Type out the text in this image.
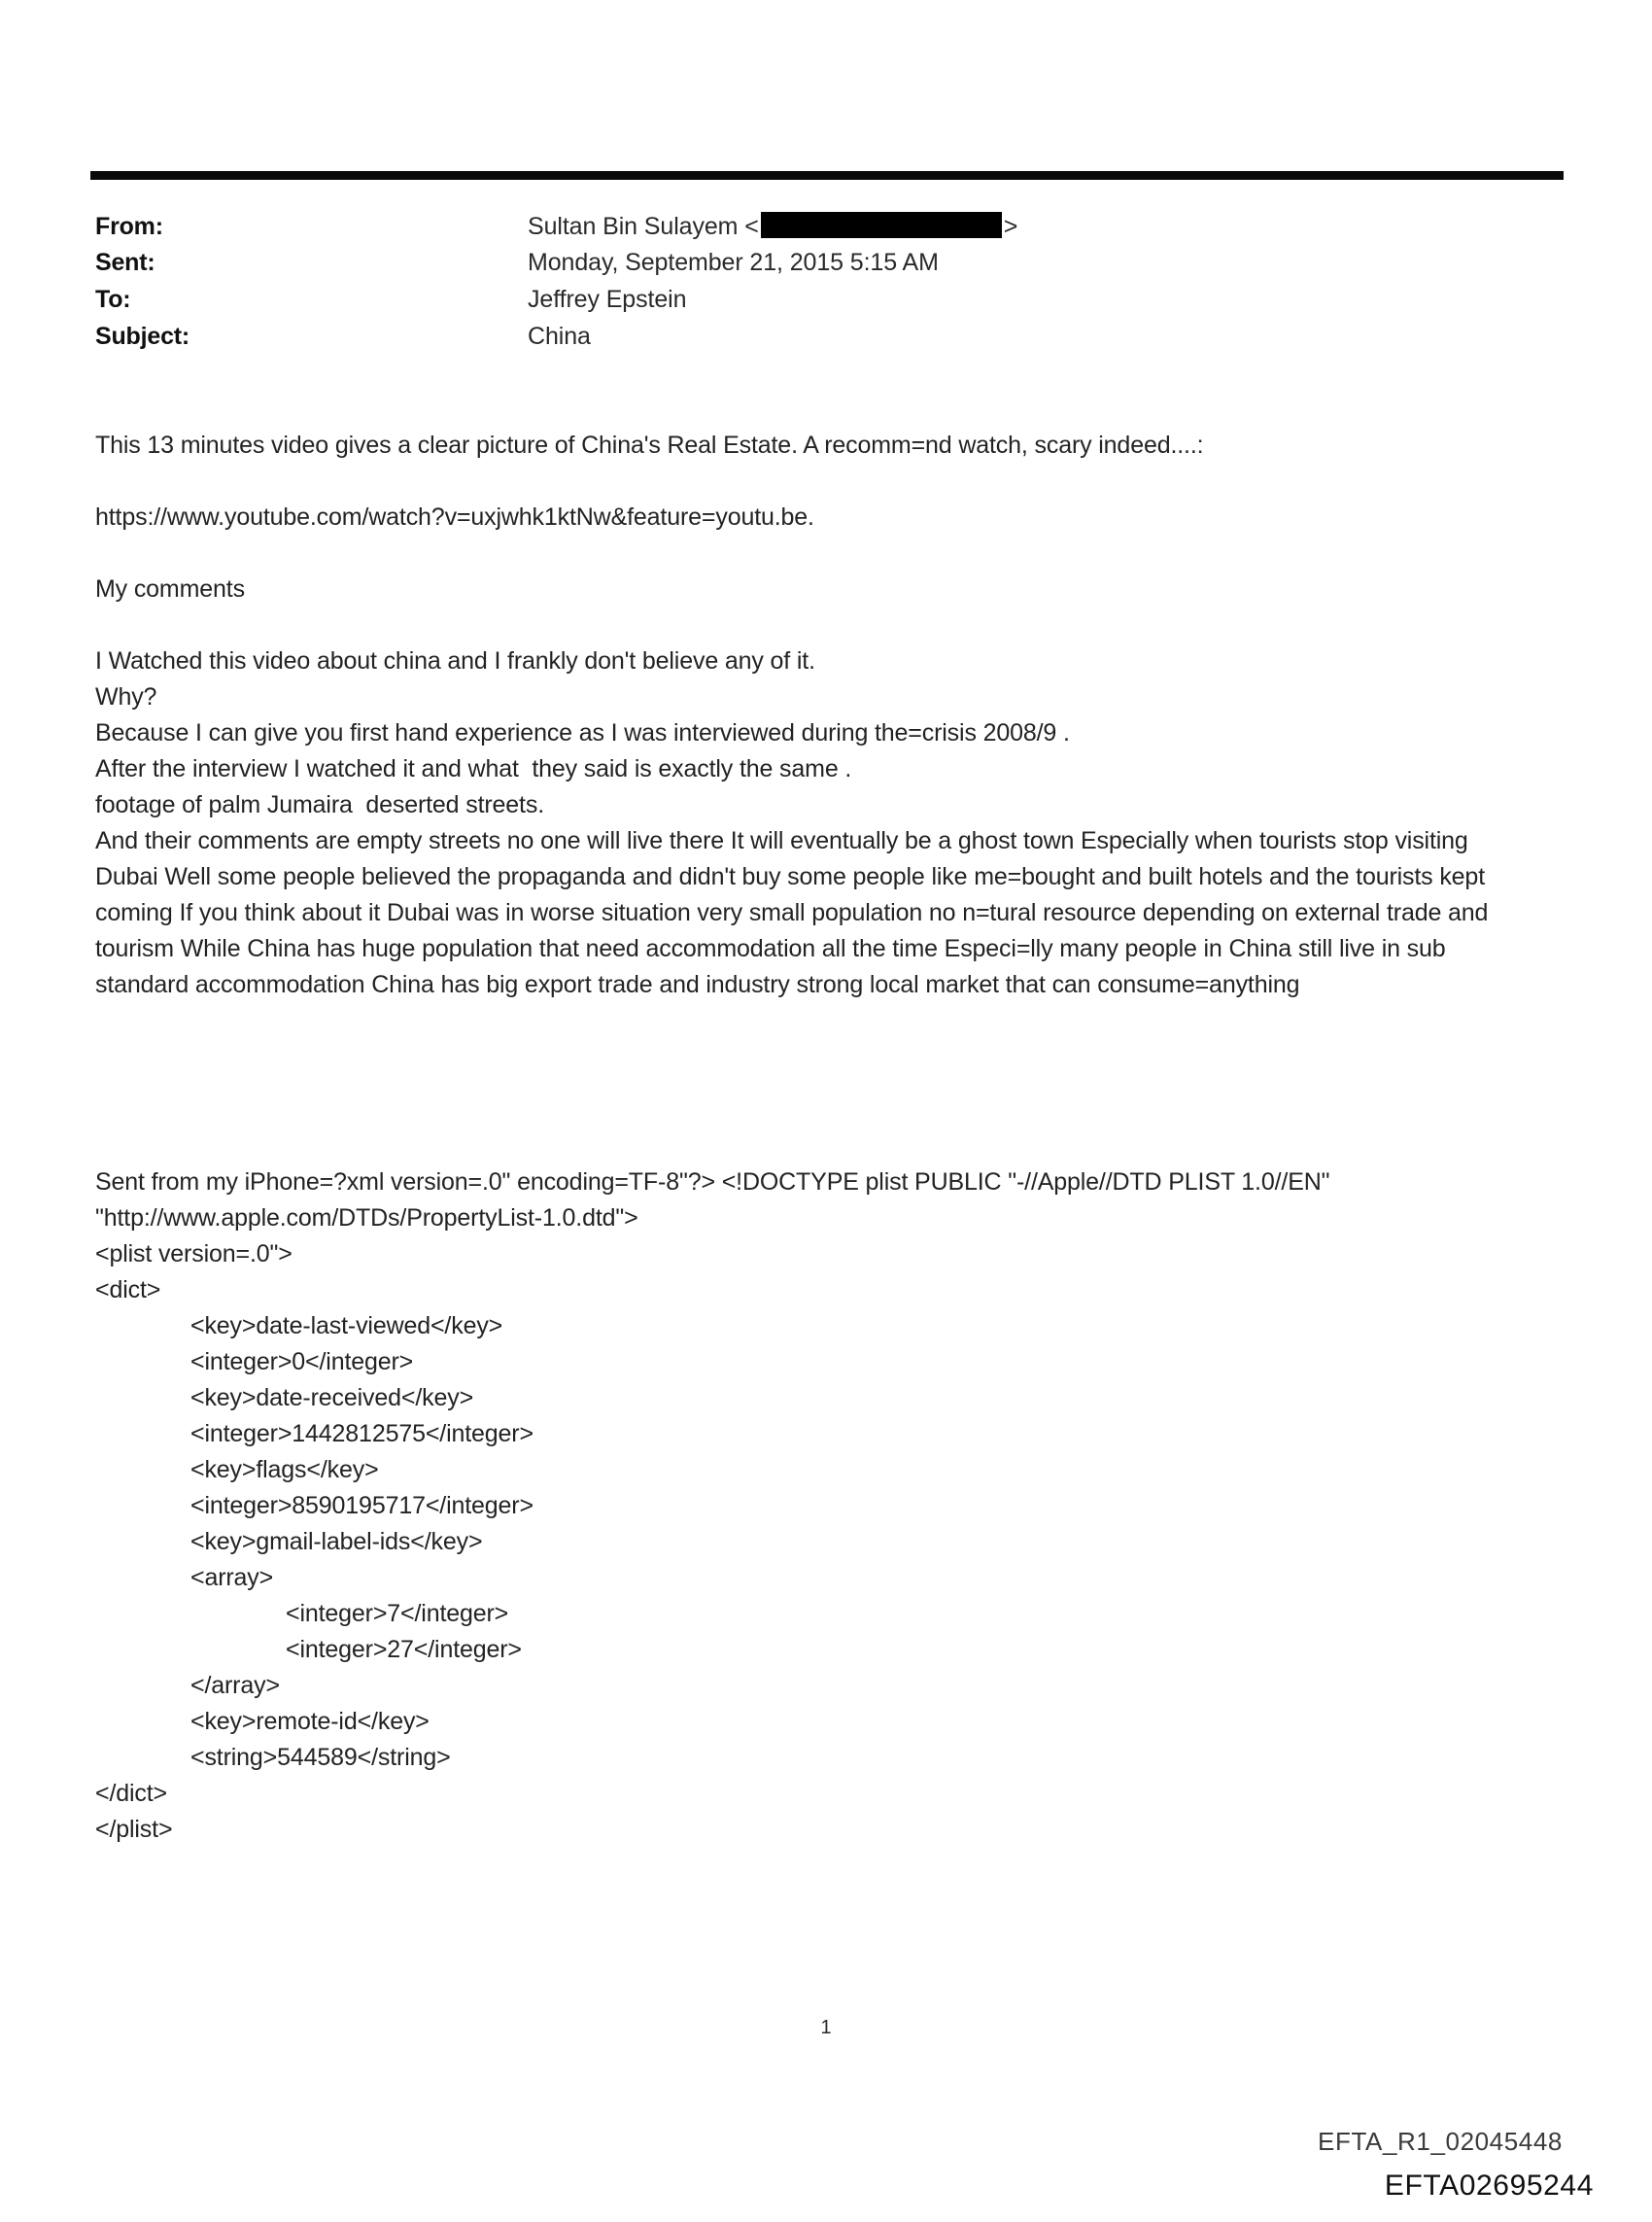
From:	Sultan Bin Sulayem <	>
Sent:	Monday, September 21, 2015 5:15 AM
To:	Jeffrey Epstein
Subject:	China
This 13 minutes video gives a clear picture of China's Real Estate. A recomm=nd watch, scary indeed....:
https://www.youtube.com/watch?v=uxjwhk1ktNw&feature=youtu.be.
My comments
I Watched this video about china and I frankly don't believe any of it.
Why?
Because I can give you first hand experience as I was interviewed during the=crisis 2008/9 .
After the interview I watched it and what  they said is exactly the same .
footage of palm Jumaira  deserted streets.
And their comments are empty streets no one will live there It will eventually be a ghost town Especially when tourists stop visiting Dubai Well some people believed the propaganda and didn't buy some people like me=bought and built hotels and the tourists kept coming If you think about it Dubai was in worse situation very small population no n=tural resource depending on external trade and tourism While China has huge population that need accommodation all the time Especi=lly many people in China still live in sub standard accommodation China has big export trade and industry strong local market that can consume=anything
Sent from my iPhone=?xml version=.0" encoding=TF-8"?> <!DOCTYPE plist PUBLIC "-//Apple//DTD PLIST 1.0//EN"
"http://www.apple.com/DTDs/PropertyList-1.0.dtd">
<plist version=.0">
<dict>
<key>date-last-viewed</key>
<integer>0</integer>
<key>date-received</key>
<integer>1442812575</integer>
<key>flags</key>
<integer>8590195717</integer>
<key>gmail-label-ids</key>
<array>
<integer>7</integer>
<integer>27</integer>
</array>
<key>remote-id</key>
<string>544589</string>
</dict>
</plist>
1
EFTA_R1_02045448
EFTA02695244
